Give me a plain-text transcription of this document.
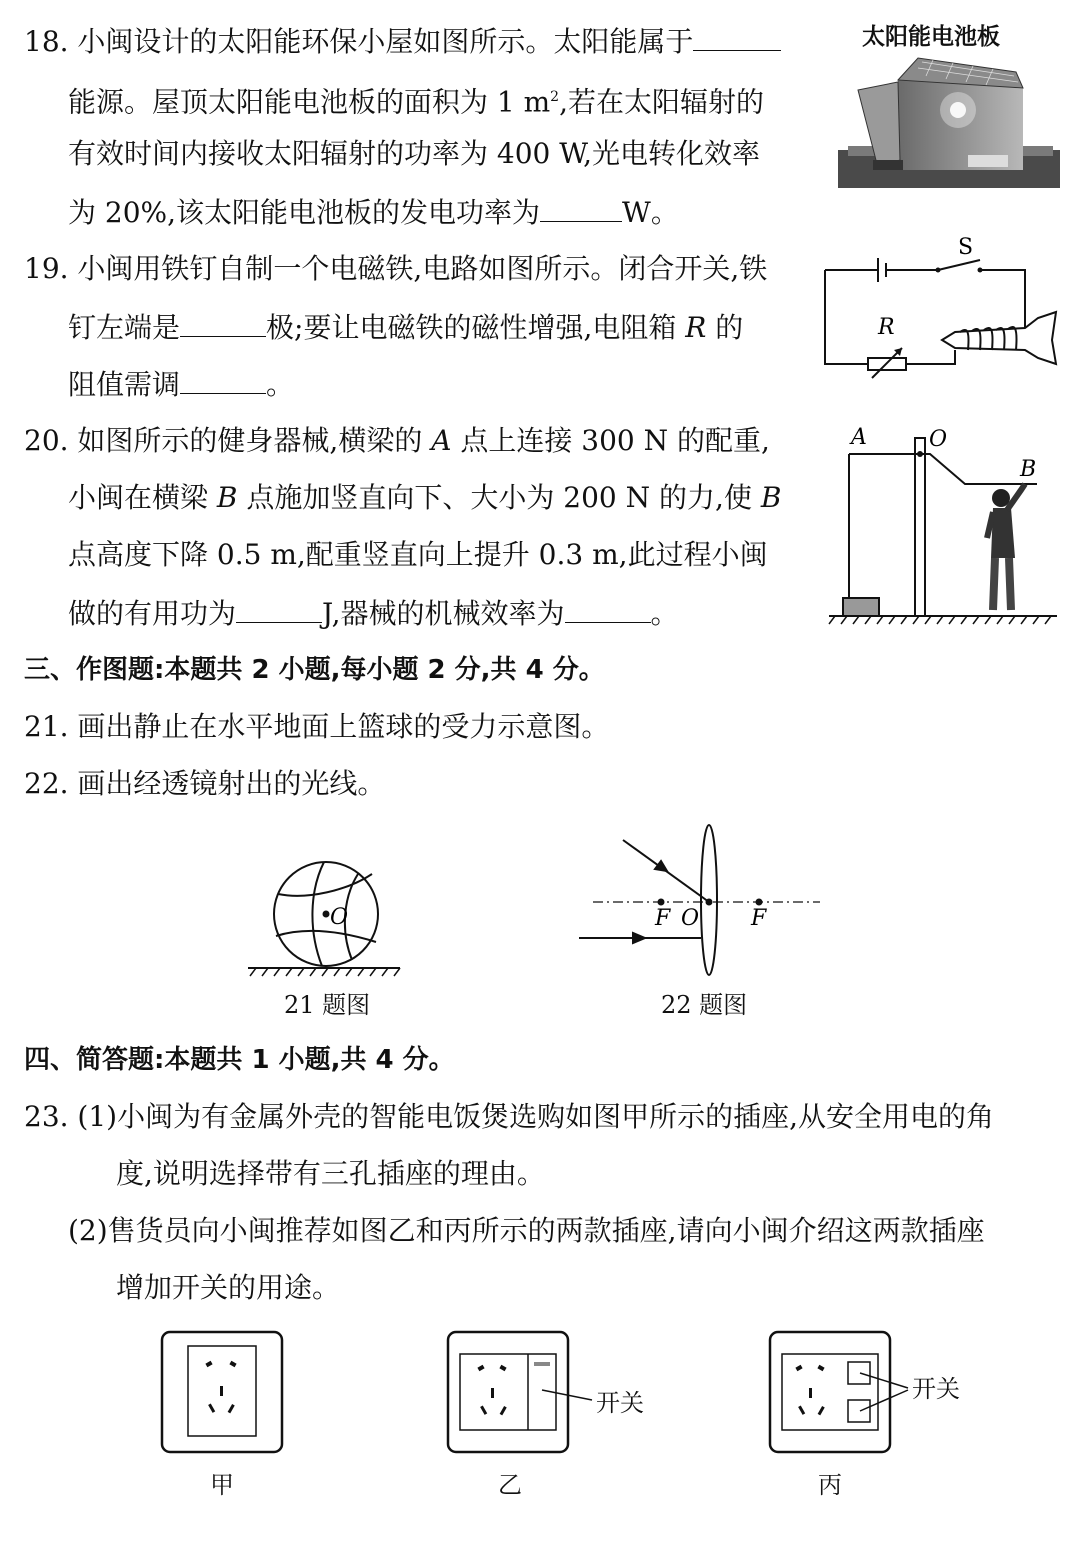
18. 小闽设计的太阳能环保小屋如图所示。太阳能属于
能源。屋顶太阳能电池板的面积为 1 $m^2$,若在太阳辐射的
有效时间内接收太阳辐射的功率为 400 W,光电转化效率
为 20%,该太阳能电池板的发电功率为	W。
太阳能电池板
19. 小闽用铁钉自制一个电磁铁,电路如图所示。闭合开关,铁
钉左端是	极;要让电磁铁的磁性增强,电阻箱 R 的
阻值需调	。
S
R
20. 如图所示的健身器械,横梁的 A 点上连接 300 N 的配重,
小闽在横梁 B 点施加竖直向下、大小为 200 N 的力,使 B
点高度下降 0.5 m,配重竖直向上提升 0.3 m,此过程小闽
做的有用功为	J,器械的机械效率为	。
A	O
B
三、作图题:本题共 2 小题,每小题 2 分,共 4 分。
21. 画出静止在水平地面上篮球的受力示意图。
22. 画出经透镜射出的光线。
O
21 题图
F O F
22 题图
四、简答题:本题共 1 小题,共 4 分。
23. (1)小闽为有金属外壳的智能电饭煲选购如图甲所示的插座,从安全用电的角
度,说明选择带有三孔插座的理由。
(2)售货员向小闽推荐如图乙和丙所示的两款插座,请向小闽介绍这两款插座
增加开关的用途。
甲
开关
乙
开关
丙
